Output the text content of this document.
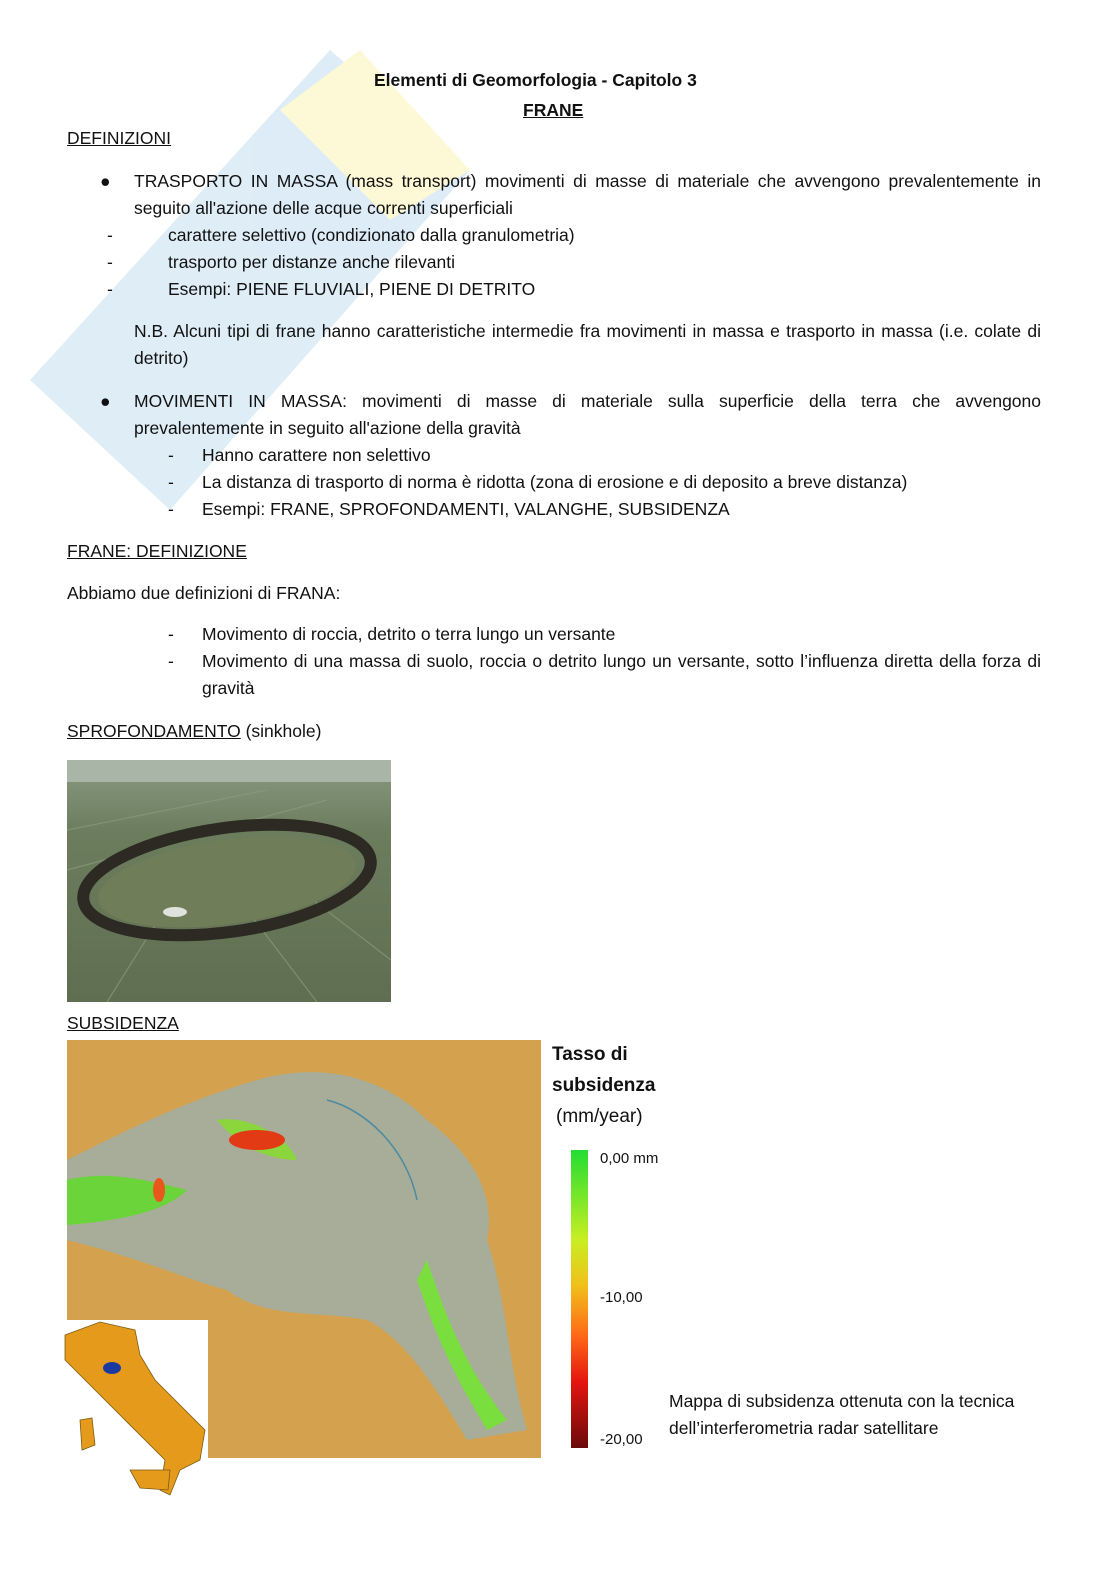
Elementi di Geomorfologia - Capitolo 3
FRANE
DEFINIZIONI
● TRASPORTO IN MASSA (mass transport) movimenti di masse di materiale che avvengono prevalentemente in seguito all'azione delle acque correnti superficiali
-	carattere selettivo (condizionato dalla granulometria)
-	trasporto per distanze anche rilevanti
-	Esempi: PIENE FLUVIALI, PIENE DI DETRITO
N.B. Alcuni tipi di frane hanno caratteristiche intermedie fra movimenti in massa e trasporto in massa (i.e. colate di detrito)
● MOVIMENTI IN MASSA: movimenti di masse di materiale sulla superficie della terra che avvengono prevalentemente in seguito all'azione della gravità
- Hanno carattere non selettivo
- La distanza di trasporto di norma è ridotta (zona di erosione e di deposito a breve distanza)
- Esempi: FRANE, SPROFONDAMENTI, VALANGHE, SUBSIDENZA
FRANE: DEFINIZIONE
Abbiamo due definizioni di FRANA:
- Movimento di roccia, detrito o terra lungo un versante
- Movimento di una massa di suolo, roccia o detrito lungo un versante, sotto l’influenza diretta della forza di gravità
SPROFONDAMENTO (sinkhole)
SUBSIDENZA
Tasso di
subsidenza
(mm/year)
0,00 mm
-10,00
-20,00
Mappa di subsidenza ottenuta con la tecnica
dell’interferometria radar satellitare
